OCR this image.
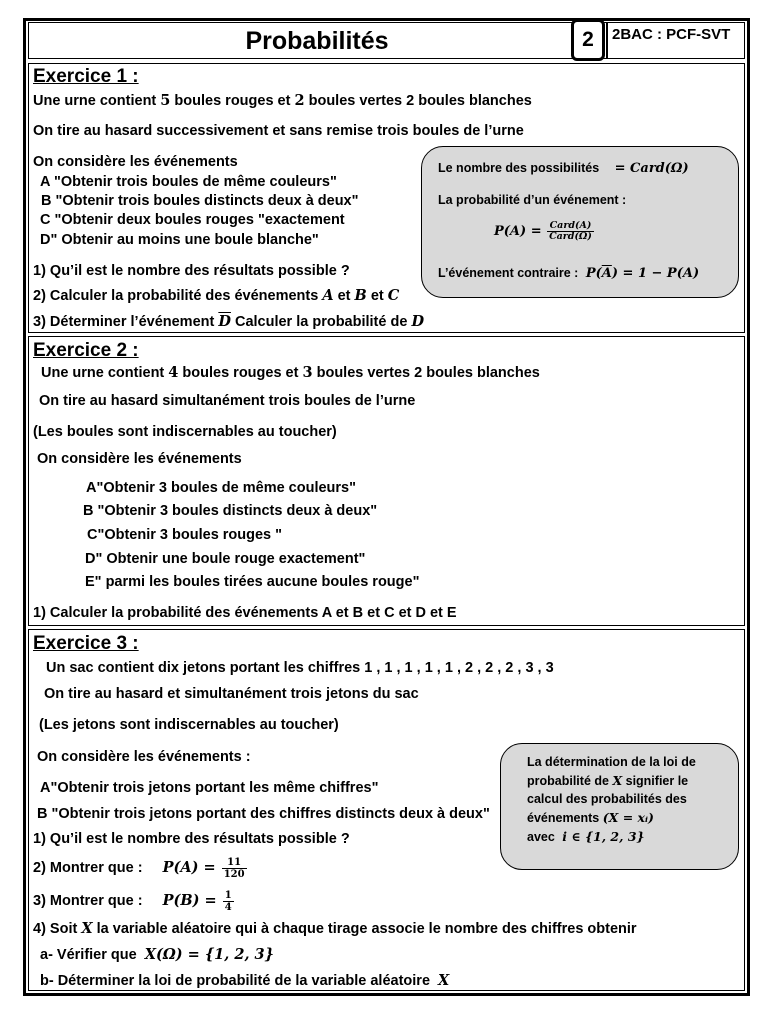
Probabilités	2	2BAC : PCF-SVT
Exercice 1 :
Une urne contient 5 boules rouges et 2 boules vertes 2 boules blanches
On tire au hasard successivement et sans remise trois boules de l’urne
On considère les événements
A "Obtenir trois boules de même couleurs"
B "Obtenir trois boules distincts deux à deux"
C "Obtenir deux boules rouges "exactement
D" Obtenir au moins une boule blanche"
1) Qu’il est le nombre des résultats possible ?
2) Calculer la probabilité des événements A et B et C
3) Déterminer l’événement $\overline{D}$ Calculer la probabilité de D
Le nombre des possibilités = Card(Ω)
La probabilité d’un événement :
$P(A) = \frac{\text{Card(A)}}{\text{Card(Ω)}}$
L’événement contraire : $P(\overline{A}) = 1 - P(A)$
Exercice 2 :
Une urne contient 4 boules rouges et 3 boules vertes 2 boules blanches
On tire au hasard simultanément trois boules de l’urne
(Les boules sont indiscernables au toucher)
On considère les événements
A"Obtenir 3 boules de même couleurs"
B "Obtenir 3 boules distincts deux à deux"
C"Obtenir 3 boules rouges "
D" Obtenir une boule rouge exactement"
E" parmi les boules tirées aucune boules rouge"
1) Calculer la probabilité des événements A et B et C et D et E
Exercice 3 :
Un sac contient dix jetons portant les chiffres 1 , 1 , 1 , 1 , 1 , 2 , 2 , 2 , 3 , 3
On tire au hasard et simultanément trois jetons du sac
(Les jetons sont indiscernables au toucher)
On considère les événements :
A"Obtenir trois jetons portant les même chiffres"
B "Obtenir trois jetons portant des chiffres distincts deux à deux"
1) Qu’il est le nombre des résultats possible ?
2) Montrer que : $P(A) = \frac{11}{120}$
3) Montrer que : $P(B) = \frac{1}{4}$
4) Soit X la variable aléatoire qui à chaque tirage associe le nombre des chiffres obtenir
a- Vérifier que X(Ω) = {1, 2, 3}
b- Déterminer la loi de probabilité de la variable aléatoire X
La détermination de la loi de
probabilité de X signifier le
calcul des probabilités des
événements (X = xᵢ)
avec i ∈ {1, 2, 3}
